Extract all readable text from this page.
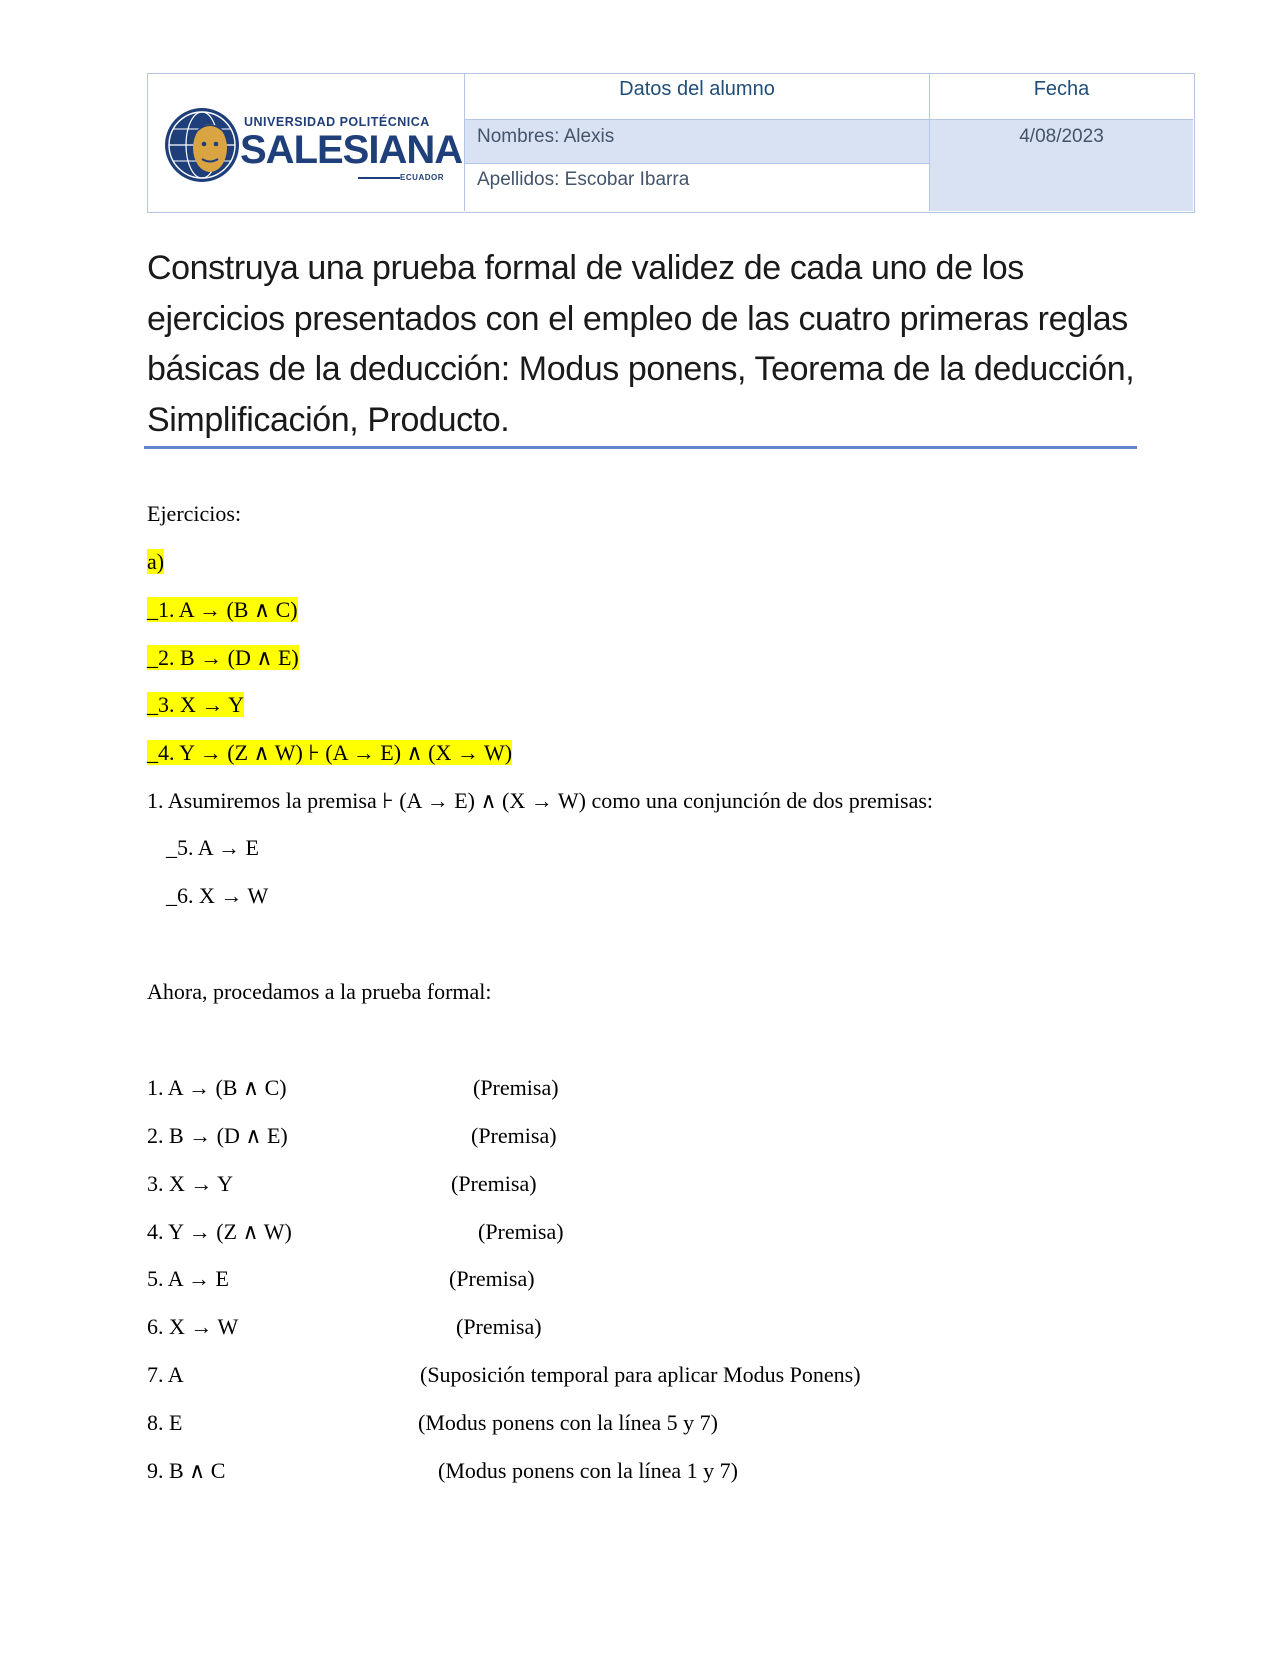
UNIVERSIDAD POLITÉCNICA
SALESIANA
ECUADOR
Datos del alumno	Fecha
Nombres: Alexis
Apellidos: Escobar Ibarra
4/08/2023
Construya una prueba formal de validez de cada uno de los ejercicios presentados con el empleo de las cuatro primeras reglas básicas de la deducción: Modus ponens, Teorema de la deducción, Simplificación, Producto.
Ejercicios:
a)
_1. A → (B ∧ C)
_2. B → (D ∧ E)
_3. X → Y
_4. Y → (Z ∧ W) ⊦ (A → E) ∧ (X → W)
1. Asumiremos la premisa ⊦ (A → E) ∧ (X → W) como una conjunción de dos premisas:
_5. A → E
_6. X → W
Ahora, procedamos a la prueba formal:
1. A → (B ∧ C)	(Premisa)
2. B → (D ∧ E)	(Premisa)
3. X → Y	(Premisa)
4. Y → (Z ∧ W)	(Premisa)
5. A → E	(Premisa)
6. X → W	(Premisa)
7. A	(Suposición temporal para aplicar Modus Ponens)
8. E	(Modus ponens con la línea 5 y 7)
9. B ∧ C	(Modus ponens con la línea 1 y 7)
